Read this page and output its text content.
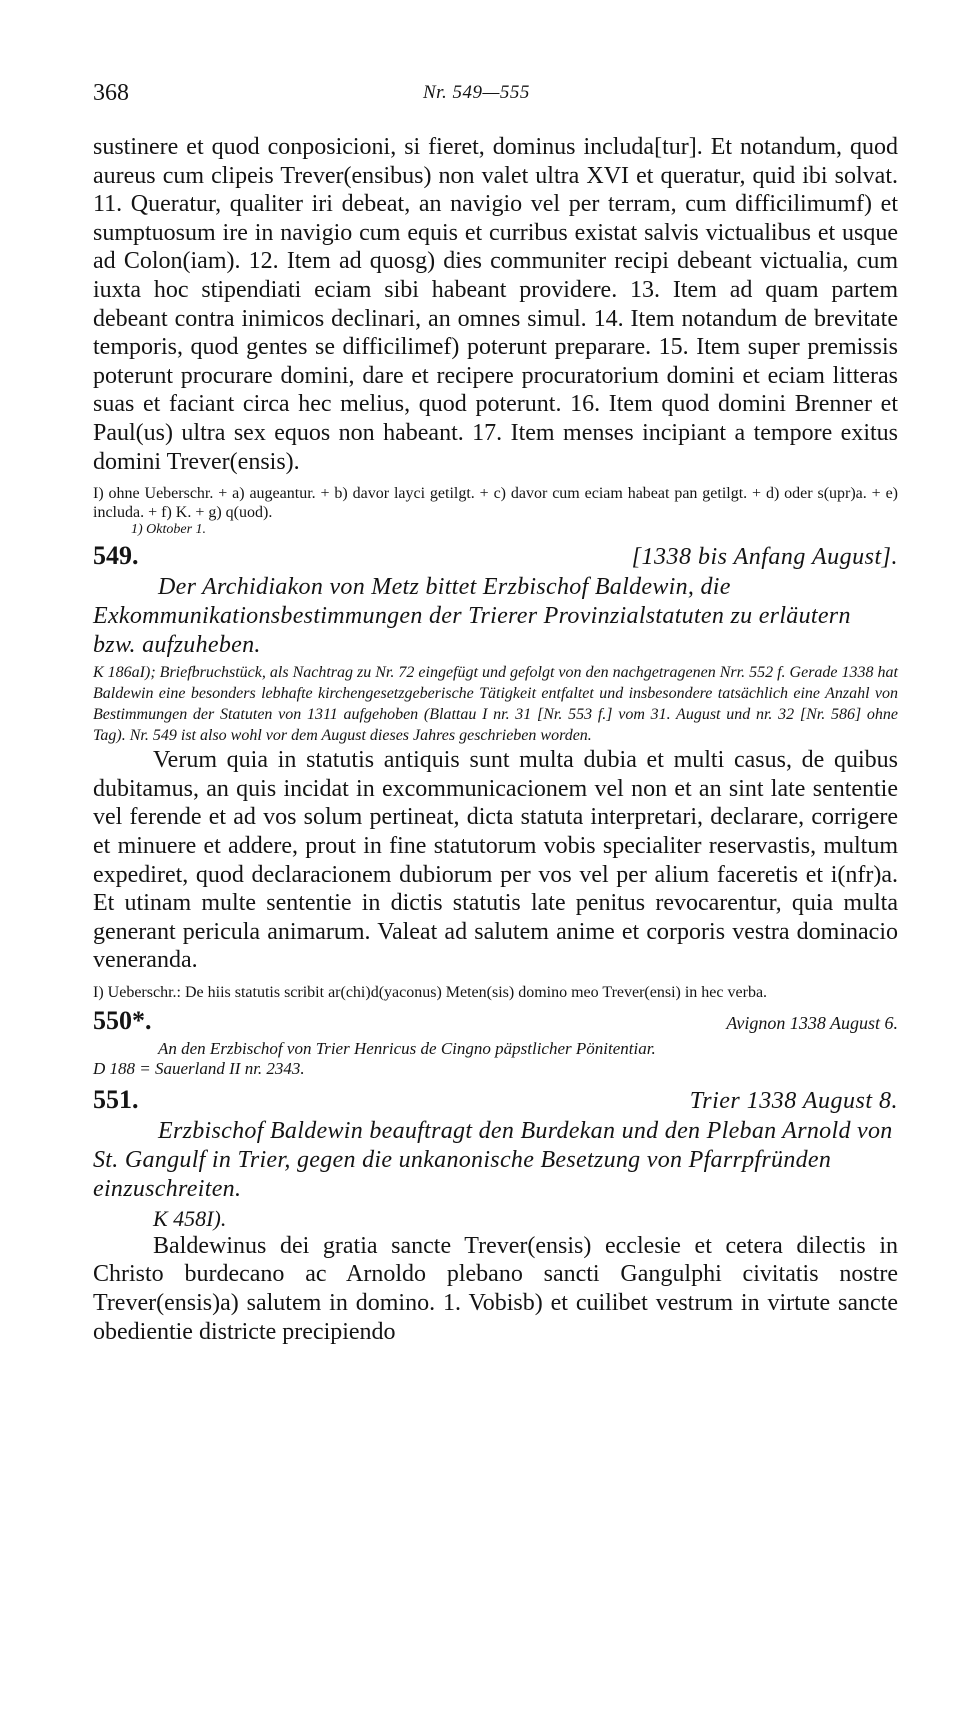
368	Nr. 549—555
sustinere et quod conposicioni, si fieret, dominus includa[tur]. Et notandum, quod aureus cum clipeis Trever(ensibus) non valet ultra XVI et queratur, quid ibi solvat. 11. Queratur, qualiter iri debeat, an navigio vel per terram, cum difficilimumf) et sumptuosum ire in navigio cum equis et curribus existat salvis victualibus et usque ad Colon(iam). 12. Item ad quosg) dies communiter recipi debeant victualia, cum iuxta hoc stipendiati eciam sibi habeant providere. 13. Item ad quam partem debeant contra inimicos declinari, an omnes simul. 14. Item notandum de brevitate temporis, quod gentes se difficilimef) poterunt preparare. 15. Item super premissis poterunt procurare domini, dare et recipere procuratorium domini et eciam litteras suas et faciant circa hec melius, quod poterunt. 16. Item quod domini Brenner et Paul(us) ultra sex equos non habeant. 17. Item menses incipiant a tempore exitus domini Trever(ensis).
I) ohne Ueberschr. + a) augeantur. + b) davor layci getilgt. + c) davor cum eciam habeat pan getilgt. + d) oder s(upr)a. + e) includa. + f) K. + g) q(uod).
1) Oktober 1.
549.	[1338 bis Anfang August].
Der Archidiakon von Metz bittet Erzbischof Baldewin, die Exkommunikationsbestimmungen der Trierer Provinzialstatuten zu erläutern bzw. aufzuheben.
K 186aI); Briefbruchstück, als Nachtrag zu Nr. 72 eingefügt und gefolgt von den nachgetragenen Nrr. 552 f. Gerade 1338 hat Baldewin eine besonders lebhafte kirchengesetzgeberische Tätigkeit entfaltet und insbesondere tatsächlich eine Anzahl von Bestimmungen der Statuten von 1311 aufgehoben (Blattau I nr. 31 [Nr. 553 f.] vom 31. August und nr. 32 [Nr. 586] ohne Tag). Nr. 549 ist also wohl vor dem August dieses Jahres geschrieben worden.
Verum quia in statutis antiquis sunt multa dubia et multi casus, de quibus dubitamus, an quis incidat in excommunicacionem vel non et an sint late sententie vel ferende et ad vos solum pertineat, dicta statuta interpretari, declarare, corrigere et minuere et addere, prout in fine statutorum vobis specialiter reservastis, multum expediret, quod declaracionem dubiorum per vos vel per alium faceretis et i(nfr)a. Et utinam multe sententie in dictis statutis late penitus revocarentur, quia multa generant pericula animarum. Valeat ad salutem anime et corporis vestra dominacio veneranda.
I) Ueberschr.: De hiis statutis scribit ar(chi)d(yaconus) Meten(sis) domino meo Trever(ensi) in hec verba.
550*.	Avignon 1338 August 6.
An den Erzbischof von Trier Henricus de Cingno päpstlicher Pönitentiar.
D 188 = Sauerland II nr. 2343.
551.	Trier 1338 August 8.
Erzbischof Baldewin beauftragt den Burdekan und den Pleban Arnold von St. Gangulf in Trier, gegen die unkanonische Besetzung von Pfarrpfründen einzuschreiten.
K 458I).
Baldewinus dei gratia sancte Trever(ensis) ecclesie et cetera dilectis in Christo burdecano ac Arnoldo plebano sancti Gangulphi civitatis nostre Trever(ensis)a) salutem in domino. 1. Vobisb) et cuilibet vestrum in virtute sancte obedientie districte precipiendo
